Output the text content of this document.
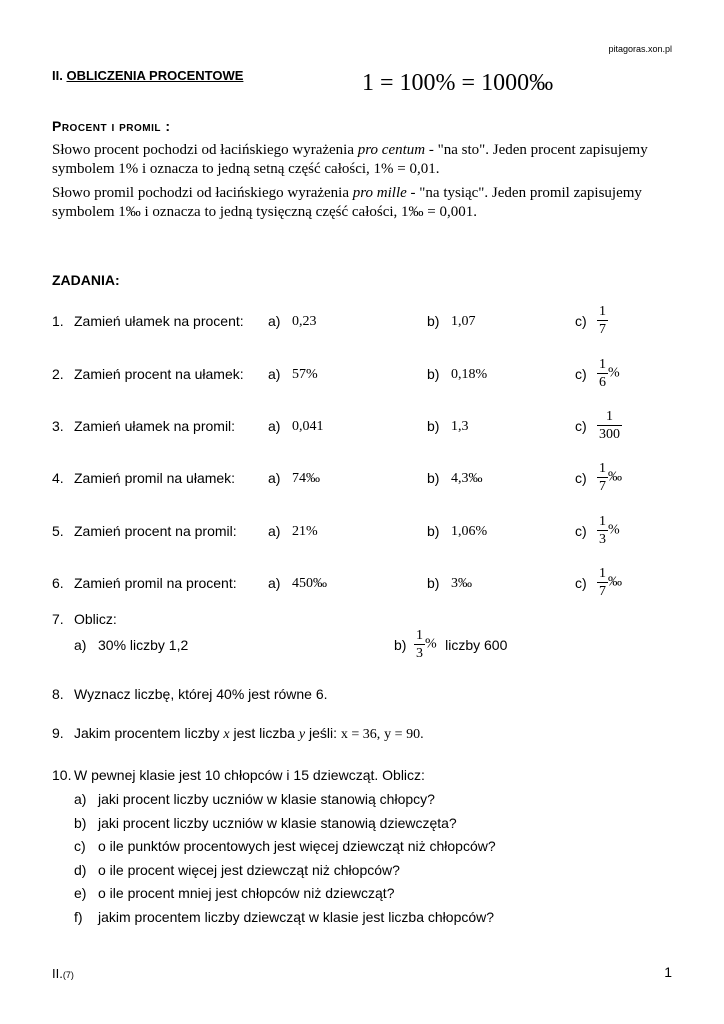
pitagoras.xon.pl
II. OBLICZENIA PROCENTOWE	1 = 100% = 1000‰
Procent i promil :
Słowo procent pochodzi od łacińskiego wyrażenia pro centum - "na sto". Jeden procent zapisujemy symbolem 1% i oznacza to jedną setną część całości, 1% = 0,01.
Słowo promil pochodzi od łacińskiego wyrażenia pro mille - "na tysiąc". Jeden promil zapisujemy symbolem 1‰ i oznacza to jedną tysięczną część całości, 1‰ = 0,001.
ZADANIA:
1. Zamień ułamek na procent: a) 0,23	b) 1,07	$c) \frac{1}{7}$
2. Zamień procent na ułamek: a) 57%	b) 0,18%	$c) \frac{1}{6}$ %
3. Zamień ułamek na promil: a) 0,041	b) 1,3	$c) \frac{1}{300}$
4. Zamień promil na ułamek: a) 74‰	b) 4,3‰	$c) \frac{1}{7}$ ‰
5. Zamień procent na promil: a) 21%	b) 1,06%	$c) \frac{1}{3}$ %
6. Zamień promil na procent: a) 450‰	b) 3‰	$c) \frac{1}{7}$ ‰
7. Oblicz:
a) 30% liczby 1,2	$b) \frac{1}{3}$ % liczby 600
8. Wyznacz liczbę, której 40% jest równe 6.
9. Jakim procentem liczby x jest liczba y jeśli: x = 36, y = 90.
10. W pewnej klasie jest 10 chłopców i 15 dziewcząt. Oblicz:
a) jaki procent liczby uczniów w klasie stanowią chłopcy?
b) jaki procent liczby uczniów w klasie stanowią dziewczęta?
c) o ile punktów procentowych jest więcej dziewcząt niż chłopców?
d) o ile procent więcej jest dziewcząt niż chłopców?
e) o ile procent mniej jest chłopców niż dziewcząt?
f) jakim procentem liczby dziewcząt w klasie jest liczba chłopców?
II.(7)	1
